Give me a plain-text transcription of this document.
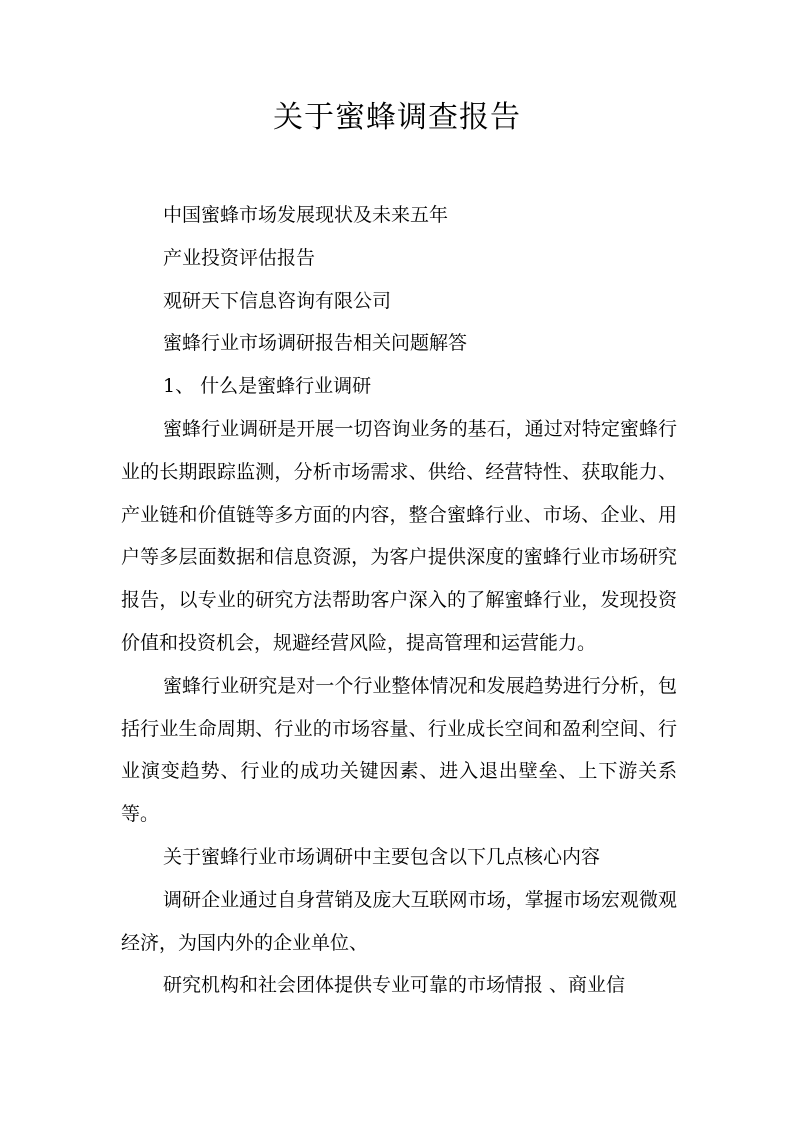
关于蜜蜂调查报告

中国蜜蜂市场发展现状及未来五年

产业投资评估报告

观研天下信息咨询有限公司

蜜蜂行业市场调研报告相关问题解答

1、 什么是蜜蜂行业调研

蜜蜂行业调研是开展一切咨询业务的基石，通过对特定蜜蜂行业的长期跟踪监测，分析市场需求、供给、经营特性、获取能力、产业链和价值链等多方面的内容，整合蜜蜂行业、市场、企业、用户等多层面数据和信息资源，为客户提供深度的蜜蜂行业市场研究报告，以专业的研究方法帮助客户深入的了解蜜蜂行业，发现投资价值和投资机会，规避经营风险，提高管理和运营能力。

蜜蜂行业研究是对一个行业整体情况和发展趋势进行分析，包括行业生命周期、行业的市场容量、行业成长空间和盈利空间、行业演变趋势、行业的成功关键因素、进入退出壁垒、上下游关系等。

关于蜜蜂行业市场调研中主要包含以下几点核心内容

调研企业通过自身营销及庞大互联网市场，掌握市场宏观微观经济，为国内外的企业单位、

研究机构和社会团体提供专业可靠的市场情报 、商业信
